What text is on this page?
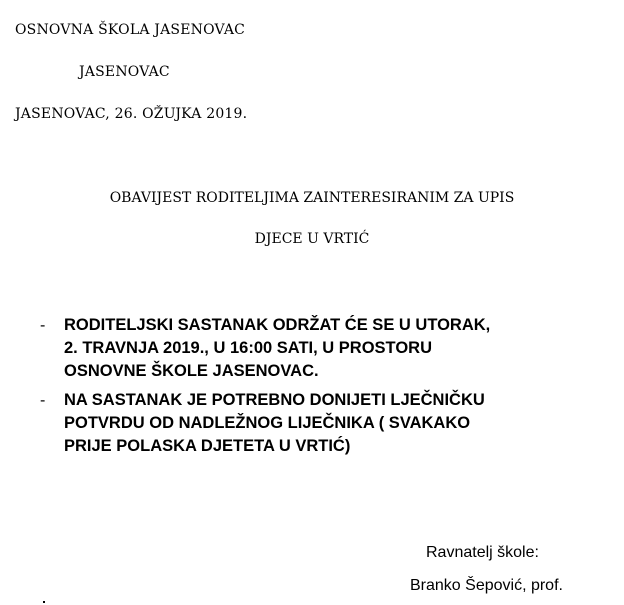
OSNOVNA ŠKOLA JASENOVAC
JASENOVAC
JASENOVAC, 26. OŽUJKA 2019.
OBAVIJEST RODITELJIMA ZAINTERESIRANIM ZA UPIS
DJECE U VRTIĆ
- RODITELJSKI SASTANAK ODRŽAT ĆE SE U UTORAK,
2. TRAVNJA 2019., U 16:00 SATI, U PROSTORU
OSNOVNE ŠKOLE JASENOVAC.
- NA SASTANAK JE POTREBNO DONIJETI LJEČNIČKU
POTVRDU OD NADLEŽNOG LIJEČNIKA ( SVAKAKO
PRIJE POLASKA DJETETA U VRTIĆ)
Ravnatelj škole:
Branko Šepović, prof.
